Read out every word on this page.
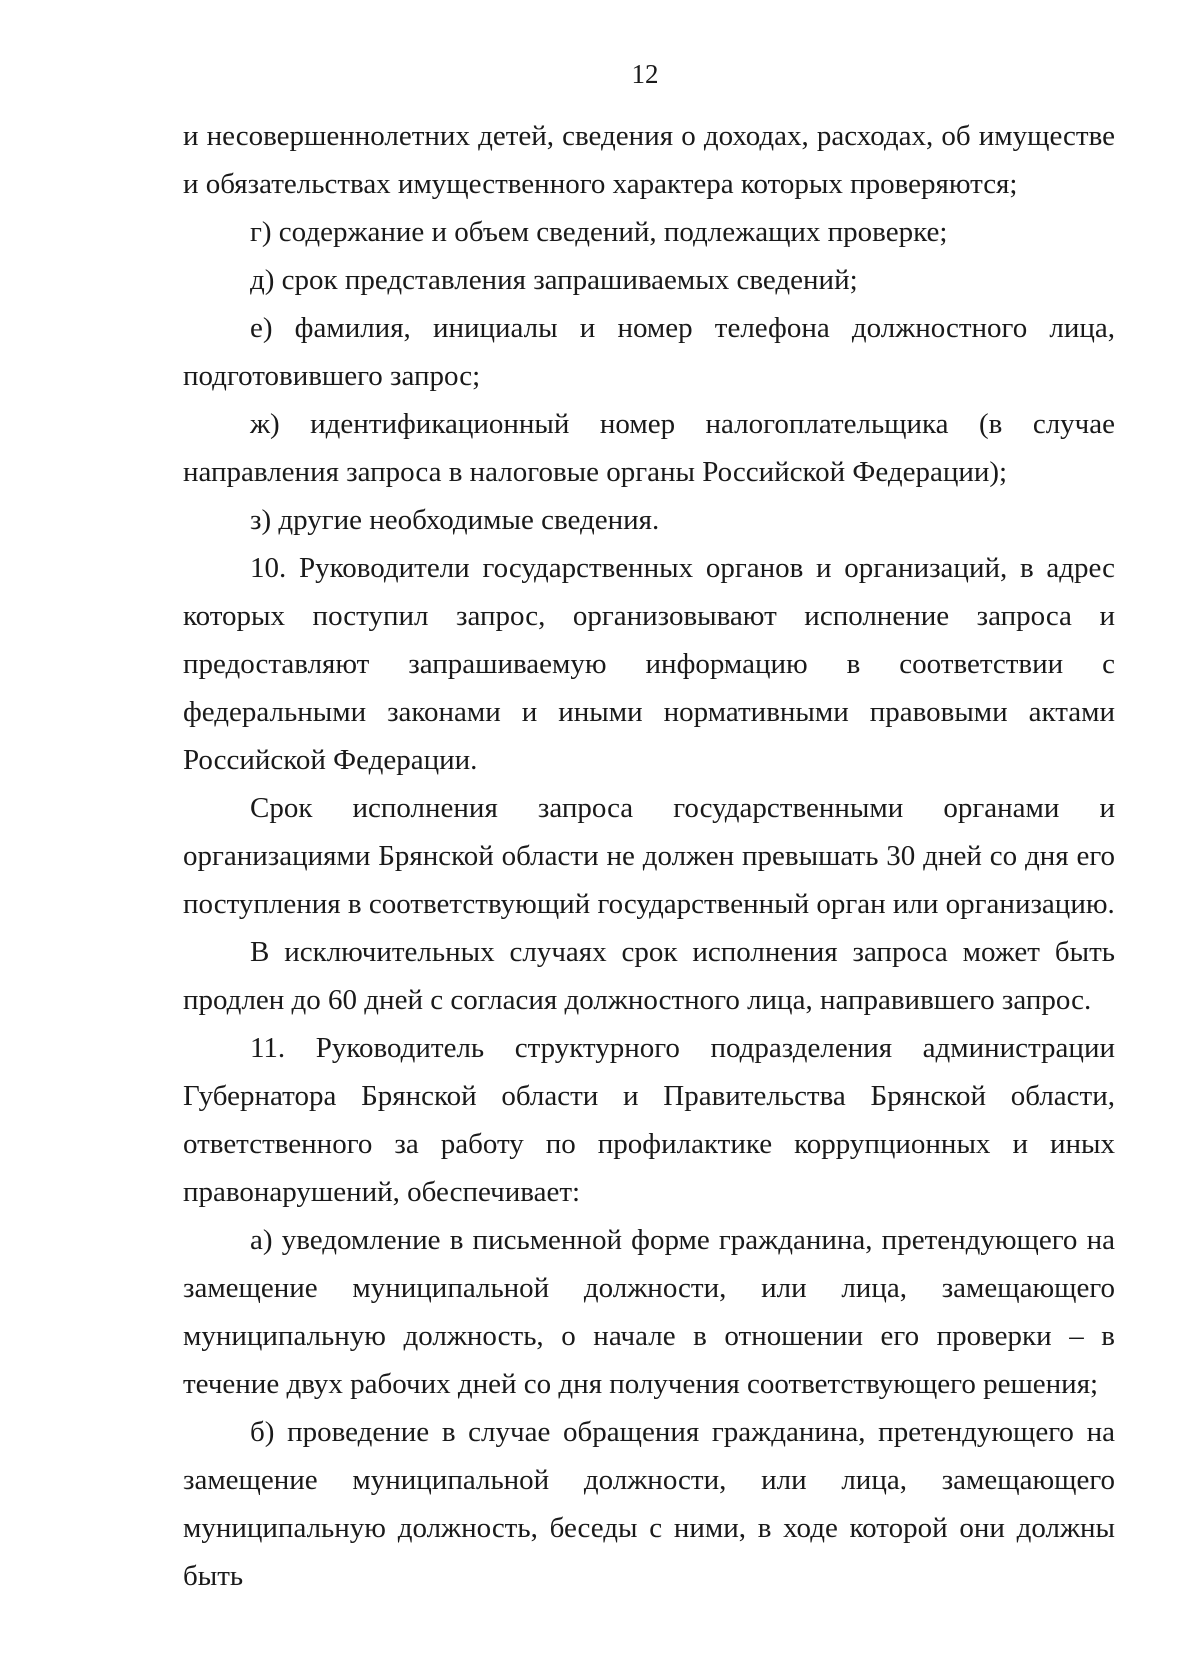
12

и несовершеннолетних детей, сведения о доходах, расходах, об имуществе и обязательствах имущественного характера которых проверяются;

г) содержание и объем сведений, подлежащих проверке;

д) срок представления запрашиваемых сведений;

е) фамилия, инициалы и номер телефона должностного лица, подготовившего запрос;

ж) идентификационный номер налогоплательщика (в случае направления запроса в налоговые органы Российской Федерации);

з) другие необходимые сведения.

10. Руководители государственных органов и организаций, в адрес которых поступил запрос, организовывают исполнение запроса и предоставляют запрашиваемую информацию в соответствии с федеральными законами и иными нормативными правовыми актами Российской Федерации.

Срок исполнения запроса государственными органами и организациями Брянской области не должен превышать 30 дней со дня его поступления в соответствующий государственный орган или организацию.

В исключительных случаях срок исполнения запроса может быть продлен до 60 дней с согласия должностного лица, направившего запрос.

11. Руководитель структурного подразделения администрации Губернатора Брянской области и Правительства Брянской области, ответственного за работу по профилактике коррупционных и иных правонарушений, обеспечивает:

а) уведомление в письменной форме гражданина, претендующего на замещение муниципальной должности, или лица, замещающего муниципальную должность, о начале в отношении его проверки – в течение двух рабочих дней со дня получения соответствующего решения;

б) проведение в случае обращения гражданина, претендующего на замещение муниципальной должности, или лица, замещающего муниципальную должность, беседы с ними, в ходе которой они должны быть
